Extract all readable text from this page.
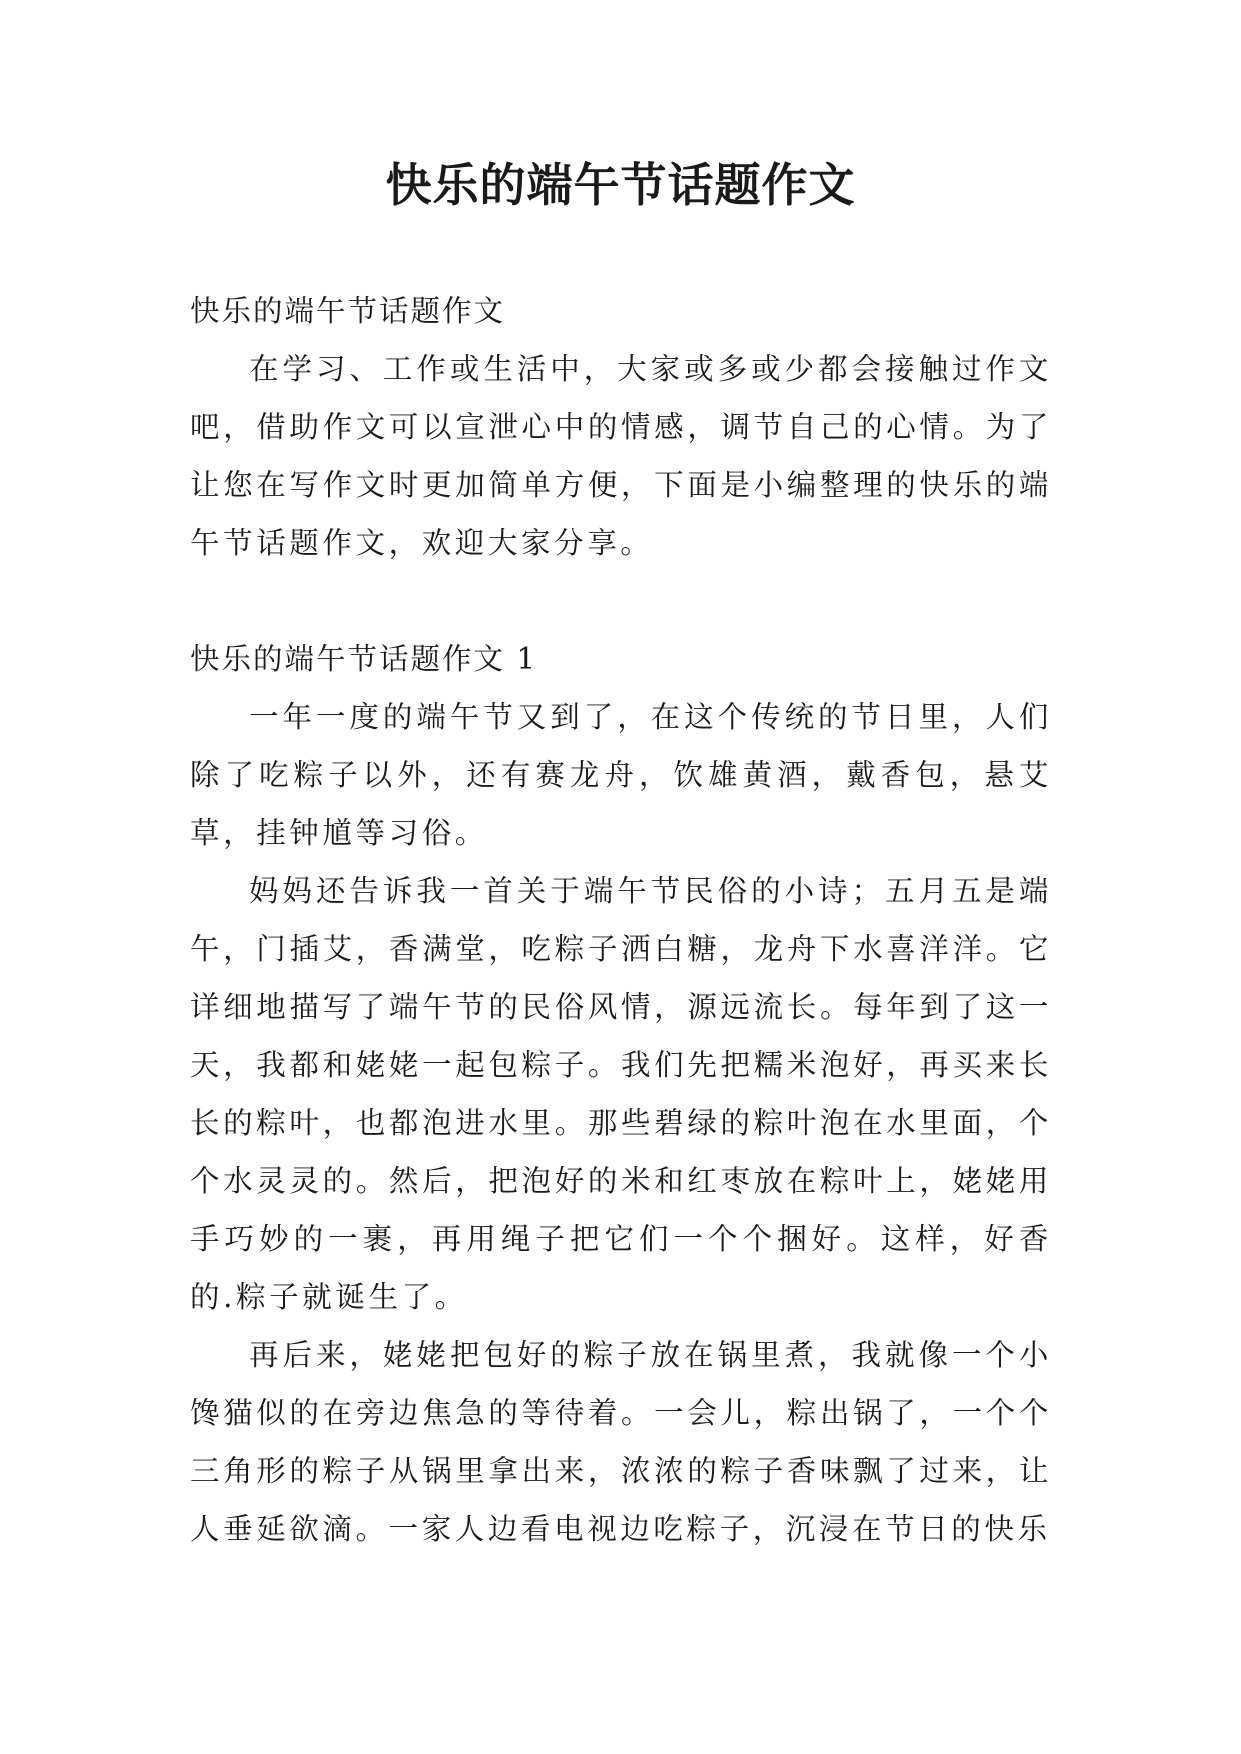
快乐的端午节话题作文

快乐的端午节话题作文

在学习、工作或生活中，大家或多或少都会接触过作文吧，借助作文可以宣泄心中的情感，调节自己的心情。为了让您在写作文时更加简单方便，下面是小编整理的快乐的端午节话题作文，欢迎大家分享。

快乐的端午节话题作文 1

一年一度的端午节又到了，在这个传统的节日里，人们除了吃粽子以外，还有赛龙舟，饮雄黄酒，戴香包，悬艾草，挂钟馗等习俗。

妈妈还告诉我一首关于端午节民俗的小诗；五月五是端午，门插艾，香满堂，吃粽子洒白糖，龙舟下水喜洋洋。它详细地描写了端午节的民俗风情，源远流长。每年到了这一天，我都和姥姥一起包粽子。我们先把糯米泡好，再买来长长的粽叶，也都泡进水里。那些碧绿的粽叶泡在水里面，个个水灵灵的。然后，把泡好的米和红枣放在粽叶上，姥姥用手巧妙的一裹，再用绳子把它们一个个捆好。这样，好香的.粽子就诞生了。

再后来，姥姥把包好的粽子放在锅里煮，我就像一个小馋猫似的在旁边焦急的等待着。一会儿，粽出锅了，一个个三角形的粽子从锅里拿出来，浓浓的粽子香味飘了过来，让人垂延欲滴。一家人边看电视边吃粽子，沉浸在节日的快乐
